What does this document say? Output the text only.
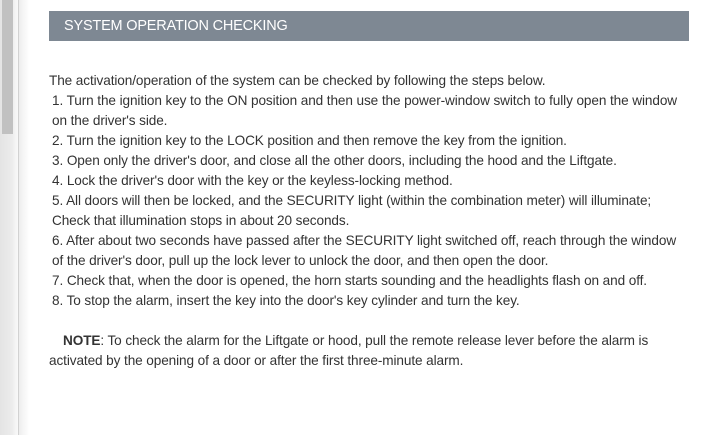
SYSTEM OPERATION CHECKING

The activation/operation of the system can be checked by following the steps below.

1. Turn the ignition key to the ON position and then use the power-window switch to fully open the window on the driver's side.
2. Turn the ignition key to the LOCK position and then remove the key from the ignition.
3. Open only the driver's door, and close all the other doors, including the hood and the Liftgate.
4. Lock the driver's door with the key or the keyless-locking method.
5. All doors will then be locked, and the SECURITY light (within the combination meter) will illuminate; Check that illumination stops in about 20 seconds.
6. After about two seconds have passed after the SECURITY light switched off, reach through the window of the driver's door, pull up the lock lever to unlock the door, and then open the door.
7. Check that, when the door is opened, the horn starts sounding and the headlights flash on and off.
8. To stop the alarm, insert the key into the door's key cylinder and turn the key.

NOTE: To check the alarm for the Liftgate or hood, pull the remote release lever before the alarm is activated by the opening of a door or after the first three-minute alarm.
